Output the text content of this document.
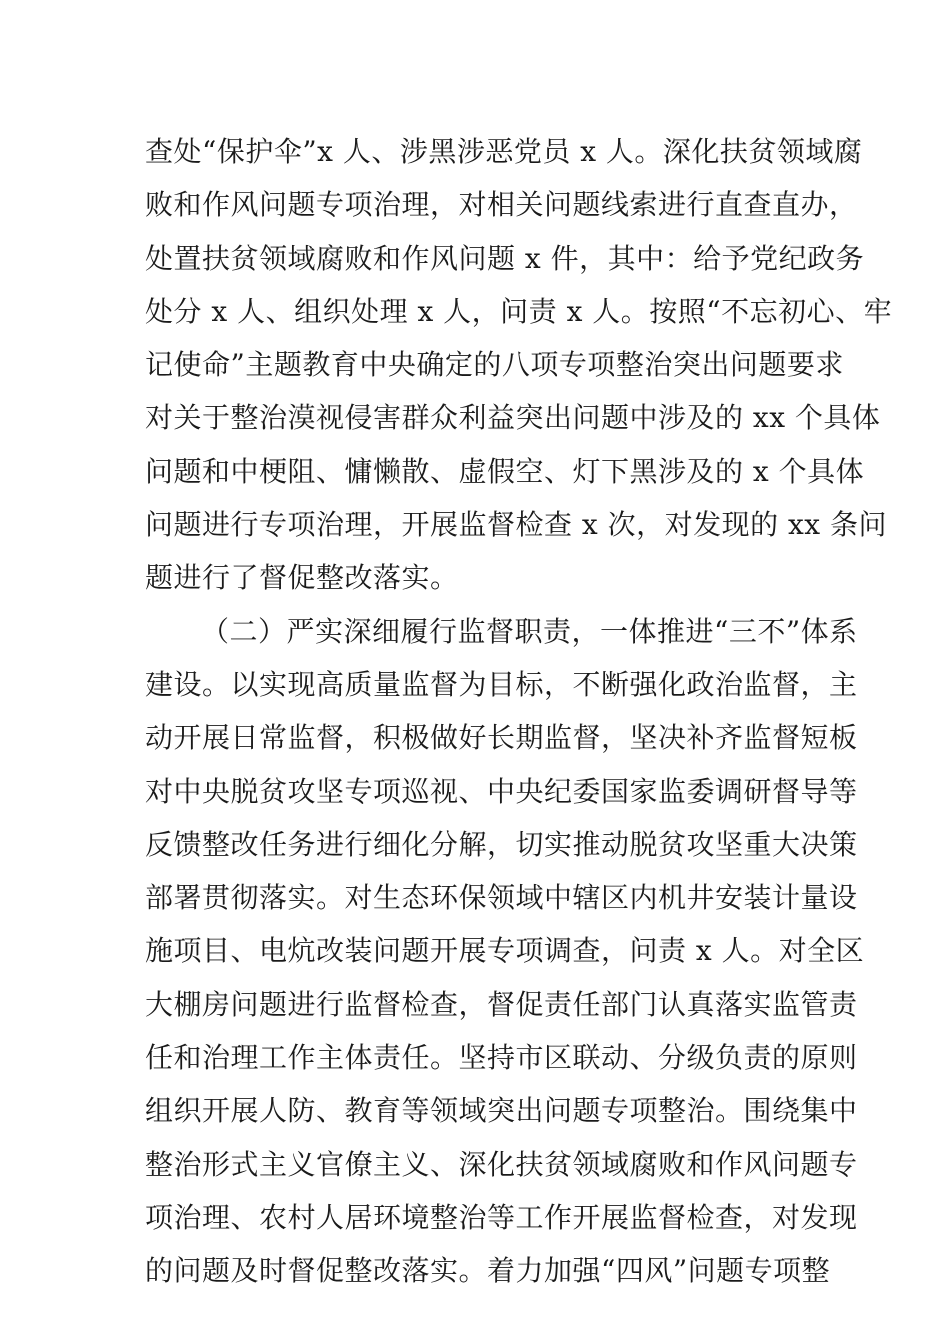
查处“保护伞”x 人、涉黑涉恶党员 x 人。深化扶贫领域腐
败和作风问题专项治理，对相关问题线索进行直查直办，
处置扶贫领域腐败和作风问题 x 件，其中：给予党纪政务
处分 x 人、组织处理 x 人，问责 x 人。按照“不忘初心、牢
记使命”主题教育中央确定的八项专项整治突出问题要求
对关于整治漠视侵害群众利益突出问题中涉及的 xx 个具体
问题和中梗阻、慵懒散、虚假空、灯下黑涉及的 x 个具体
问题进行专项治理，开展监督检查 x 次，对发现的 xx 条问
题进行了督促整改落实。
（二）严实深细履行监督职责，一体推进“三不”体系
建设。以实现高质量监督为目标，不断强化政治监督，主
动开展日常监督，积极做好长期监督，坚决补齐监督短板
对中央脱贫攻坚专项巡视、中央纪委国家监委调研督导等
反馈整改任务进行细化分解，切实推动脱贫攻坚重大决策
部署贯彻落实。对生态环保领域中辖区内机井安装计量设
施项目、电炕改装问题开展专项调查，问责 x 人。对全区
大棚房问题进行监督检查，督促责任部门认真落实监管责
任和治理工作主体责任。坚持市区联动、分级负责的原则
组织开展人防、教育等领域突出问题专项整治。围绕集中
整治形式主义官僚主义、深化扶贫领域腐败和作风问题专
项治理、农村人居环境整治等工作开展监督检查，对发现
的问题及时督促整改落实。着力加强“四风”问题专项整
